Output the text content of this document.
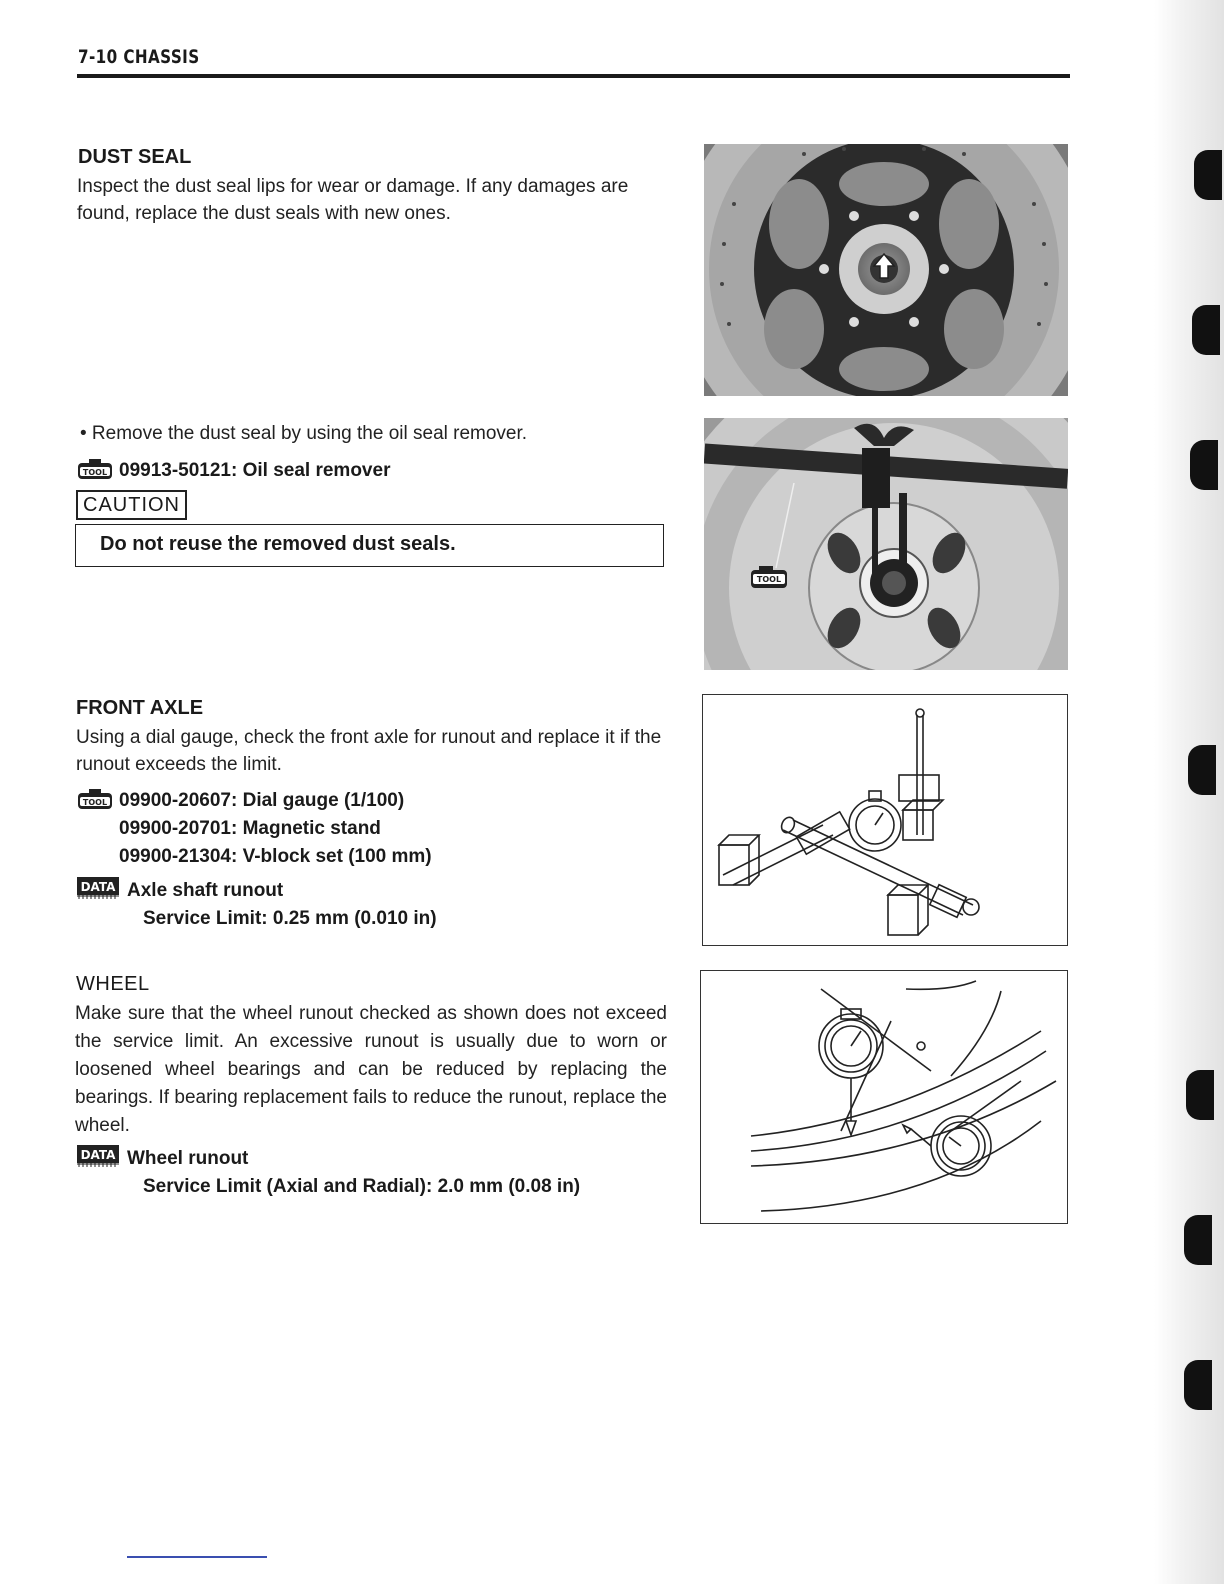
7-10 CHASSIS
DUST SEAL
Inspect the dust seal lips for wear or damage. If any damages are found, replace the dust seals with new ones.
• Remove the dust seal by using the oil seal remover.
TOOL 09913-50121: Oil seal remover
CAUTION
Do not reuse the removed dust seals.
FRONT AXLE
Using a dial gauge, check the front axle for runout and replace it if the runout exceeds the limit.
TOOL 09900-20607: Dial gauge (1/100)
09900-20701: Magnetic stand
09900-21304: V-block set (100 mm)
DATA Axle shaft runout
Service Limit: 0.25 mm (0.010 in)
WHEEL
Make sure that the wheel runout checked as shown does not exceed the service limit. An excessive runout is usually due to worn or loosened wheel bearings and can be reduced by replacing the bearings. If bearing replacement fails to reduce the runout, replace the wheel.
DATA Wheel runout
Service Limit (Axial and Radial): 2.0 mm (0.08 in)
TOOL
